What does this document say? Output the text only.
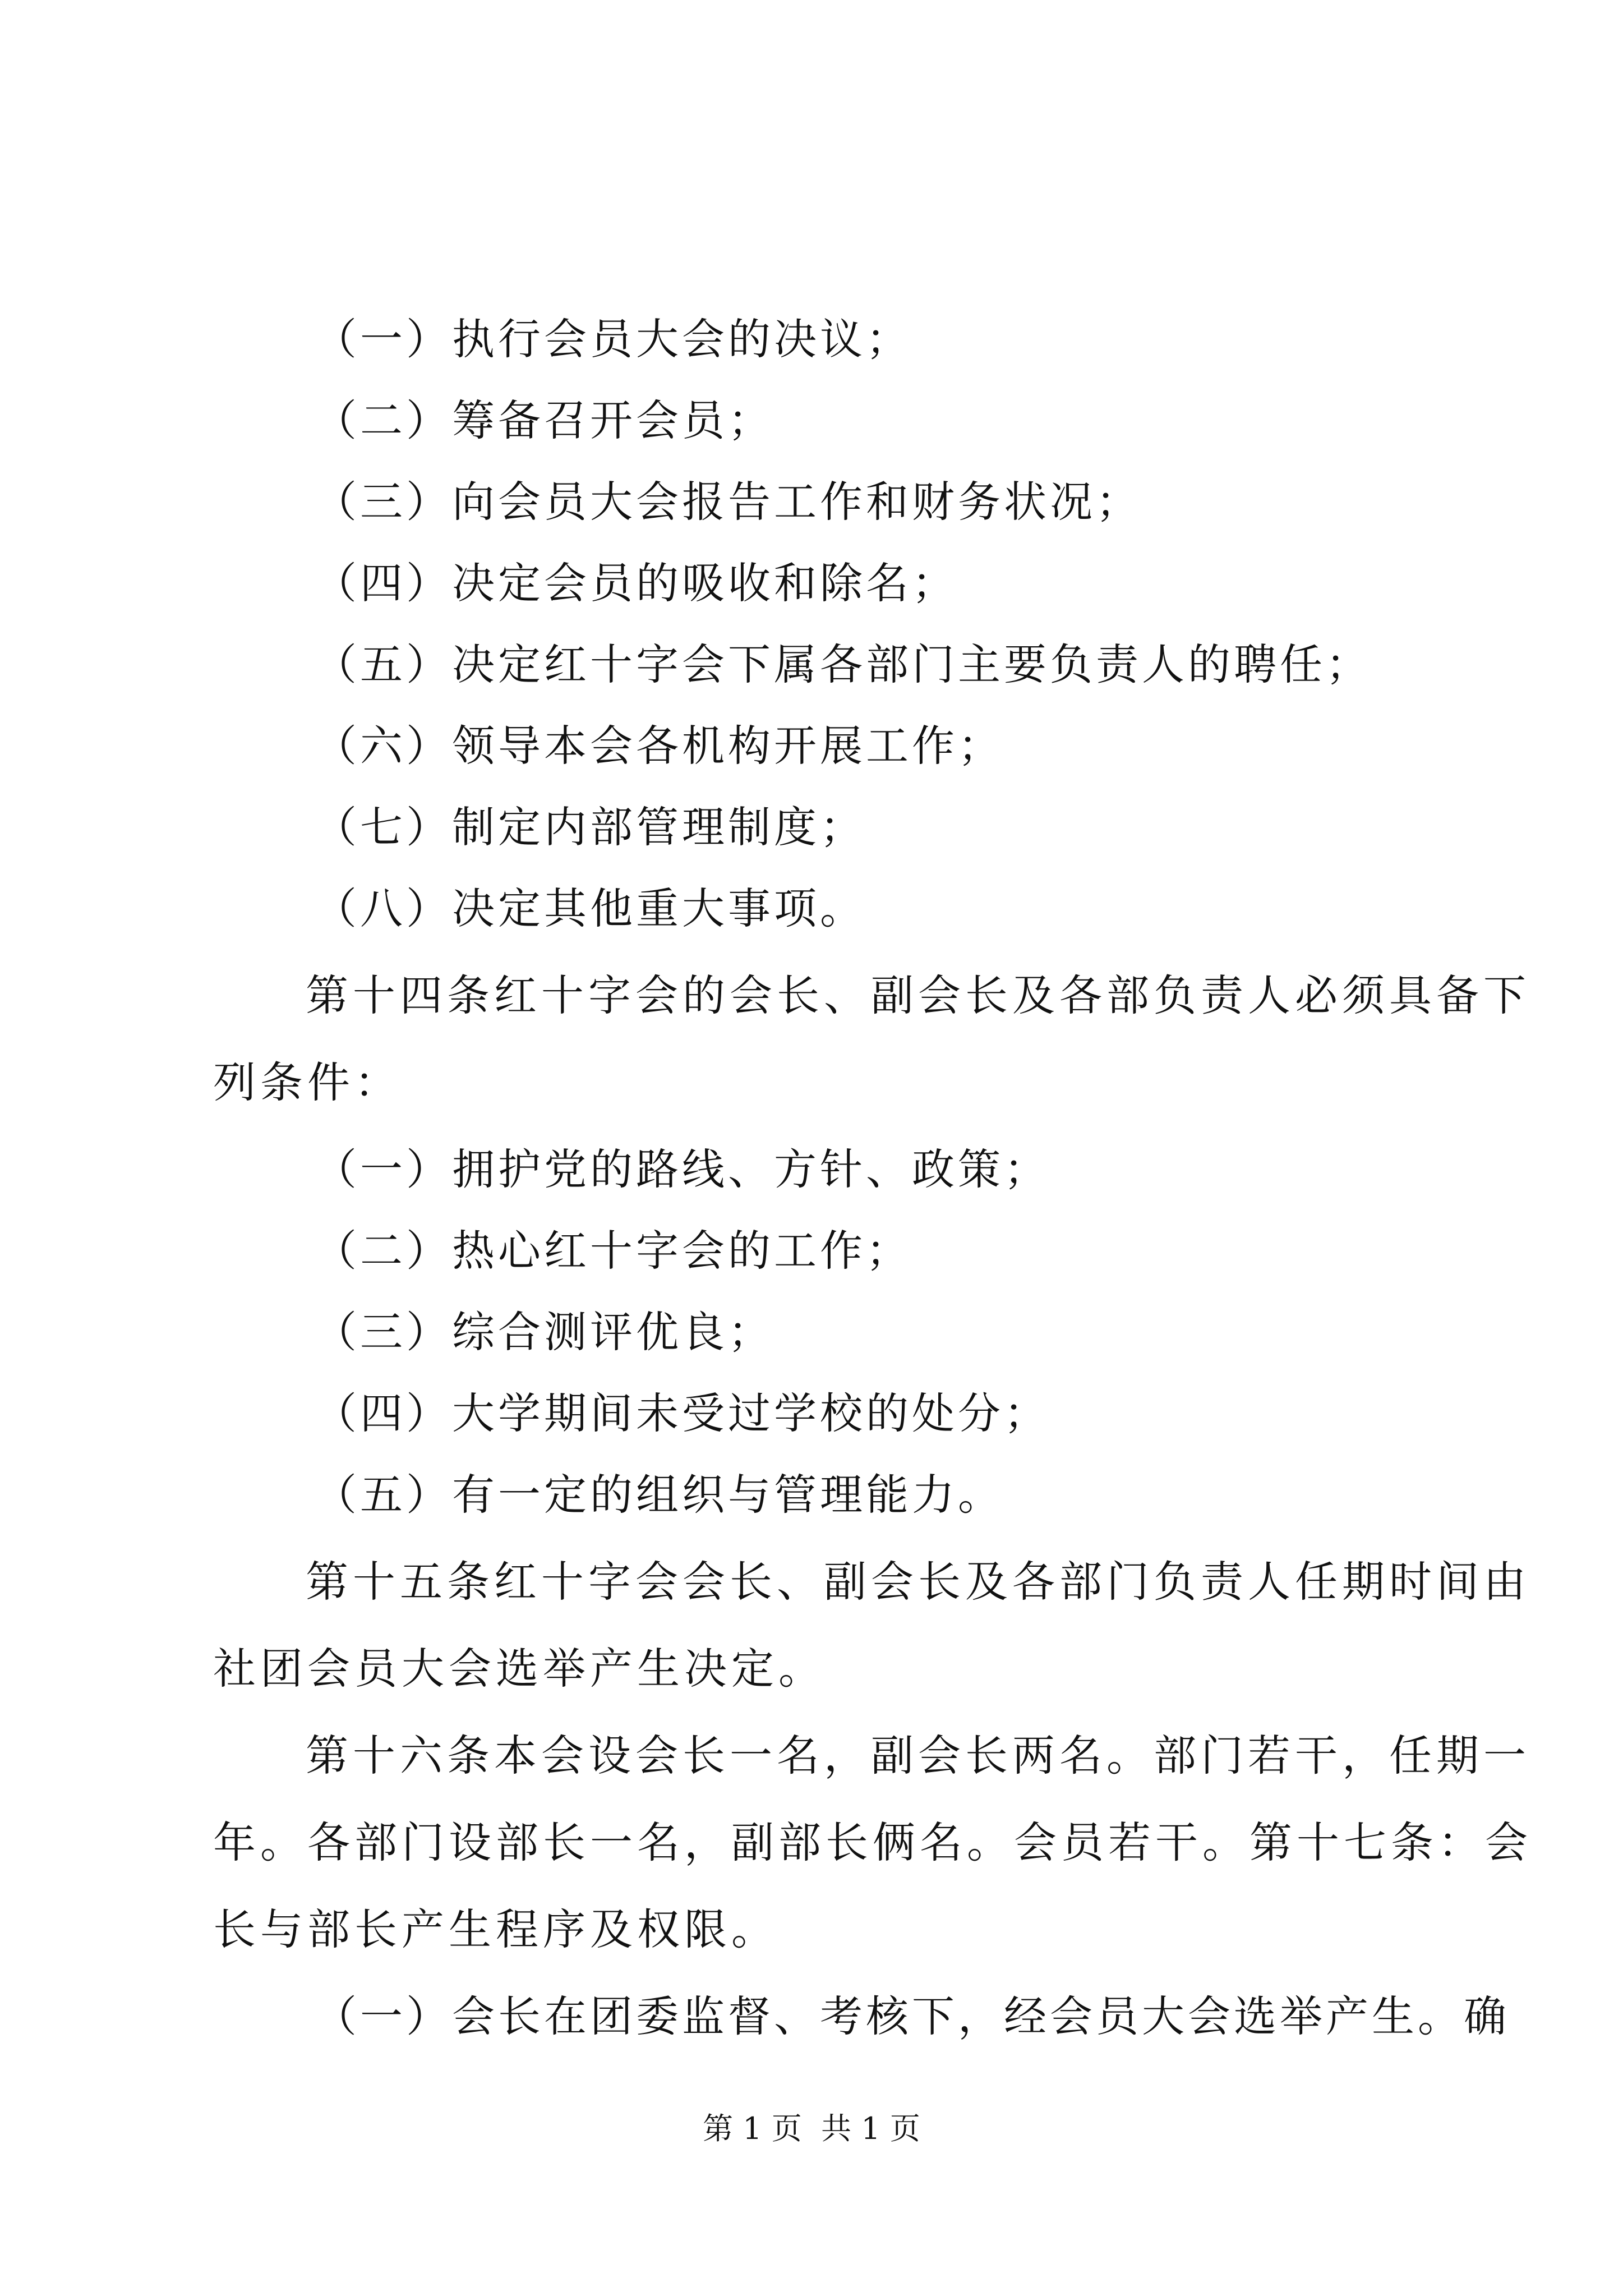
（一）执行会员大会的决议；
（二）筹备召开会员；
（三）向会员大会报告工作和财务状况；
（四）决定会员的吸收和除名；
（五）决定红十字会下属各部门主要负责人的聘任；
（六）领导本会各机构开展工作；
（七）制定内部管理制度；
（八）决定其他重大事项。
第十四条红十字会的会长、副会长及各部负责人必须具备下
列条件：
（一）拥护党的路线、方针、政策；
（二）热心红十字会的工作；
（三）综合测评优良；
（四）大学期间未受过学校的处分；
（五）有一定的组织与管理能力。
第十五条红十字会会长、副会长及各部门负责人任期时间由
社团会员大会选举产生决定。
第十六条本会设会长一名，副会长两名。部门若干，任期一
年。各部门设部长一名，副部长俩名。会员若干。第十七条：会
长与部长产生程序及权限。
（一）会长在团委监督、考核下，经会员大会选举产生。确
第 1 页  共 1 页
